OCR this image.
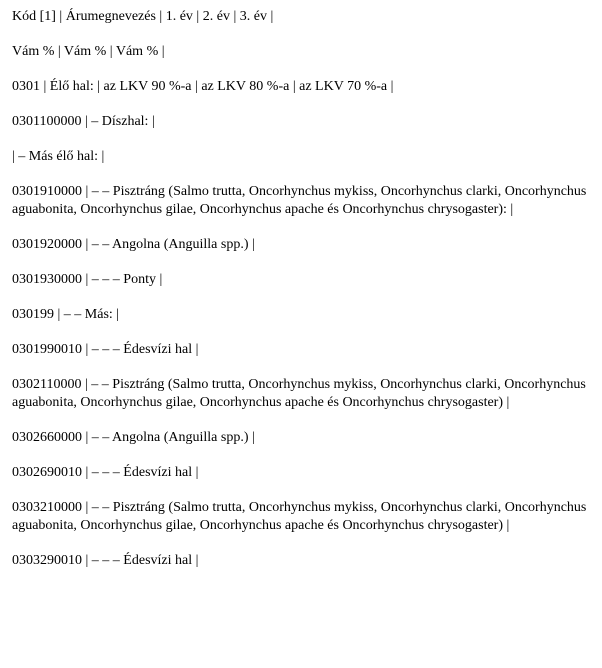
Kód [1] | Árumegnevezés | 1. év | 2. év | 3. év |

Vám % | Vám % | Vám % |

0301 | Élő hal: | az LKV 90 %-a | az LKV 80 %-a | az LKV 70 %-a |

0301100000 | – Díszhal: |

| – Más élő hal: |

0301910000 | – – Pisztráng (Salmo trutta, Oncorhynchus mykiss, Oncorhynchus clarki, Oncorhynchus aguabonita, Oncorhynchus gilae, Oncorhynchus apache és Oncorhynchus chrysogaster): |

0301920000 | – – Angolna (Anguilla spp.) |

0301930000 | – – – Ponty |

030199 | – – Más: |

0301990010 | – – – Édesvízi hal |

0302110000 | – – Pisztráng (Salmo trutta, Oncorhynchus mykiss, Oncorhynchus clarki, Oncorhynchus aguabonita, Oncorhynchus gilae, Oncorhynchus apache és Oncorhynchus chrysogaster) |

0302660000 | – – Angolna (Anguilla spp.) |

0302690010 | – – – Édesvízi hal |

0303210000 | – – Pisztráng (Salmo trutta, Oncorhynchus mykiss, Oncorhynchus clarki, Oncorhynchus aguabonita, Oncorhynchus gilae, Oncorhynchus apache és Oncorhynchus chrysogaster) |

0303290010 | – – – Édesvízi hal |
